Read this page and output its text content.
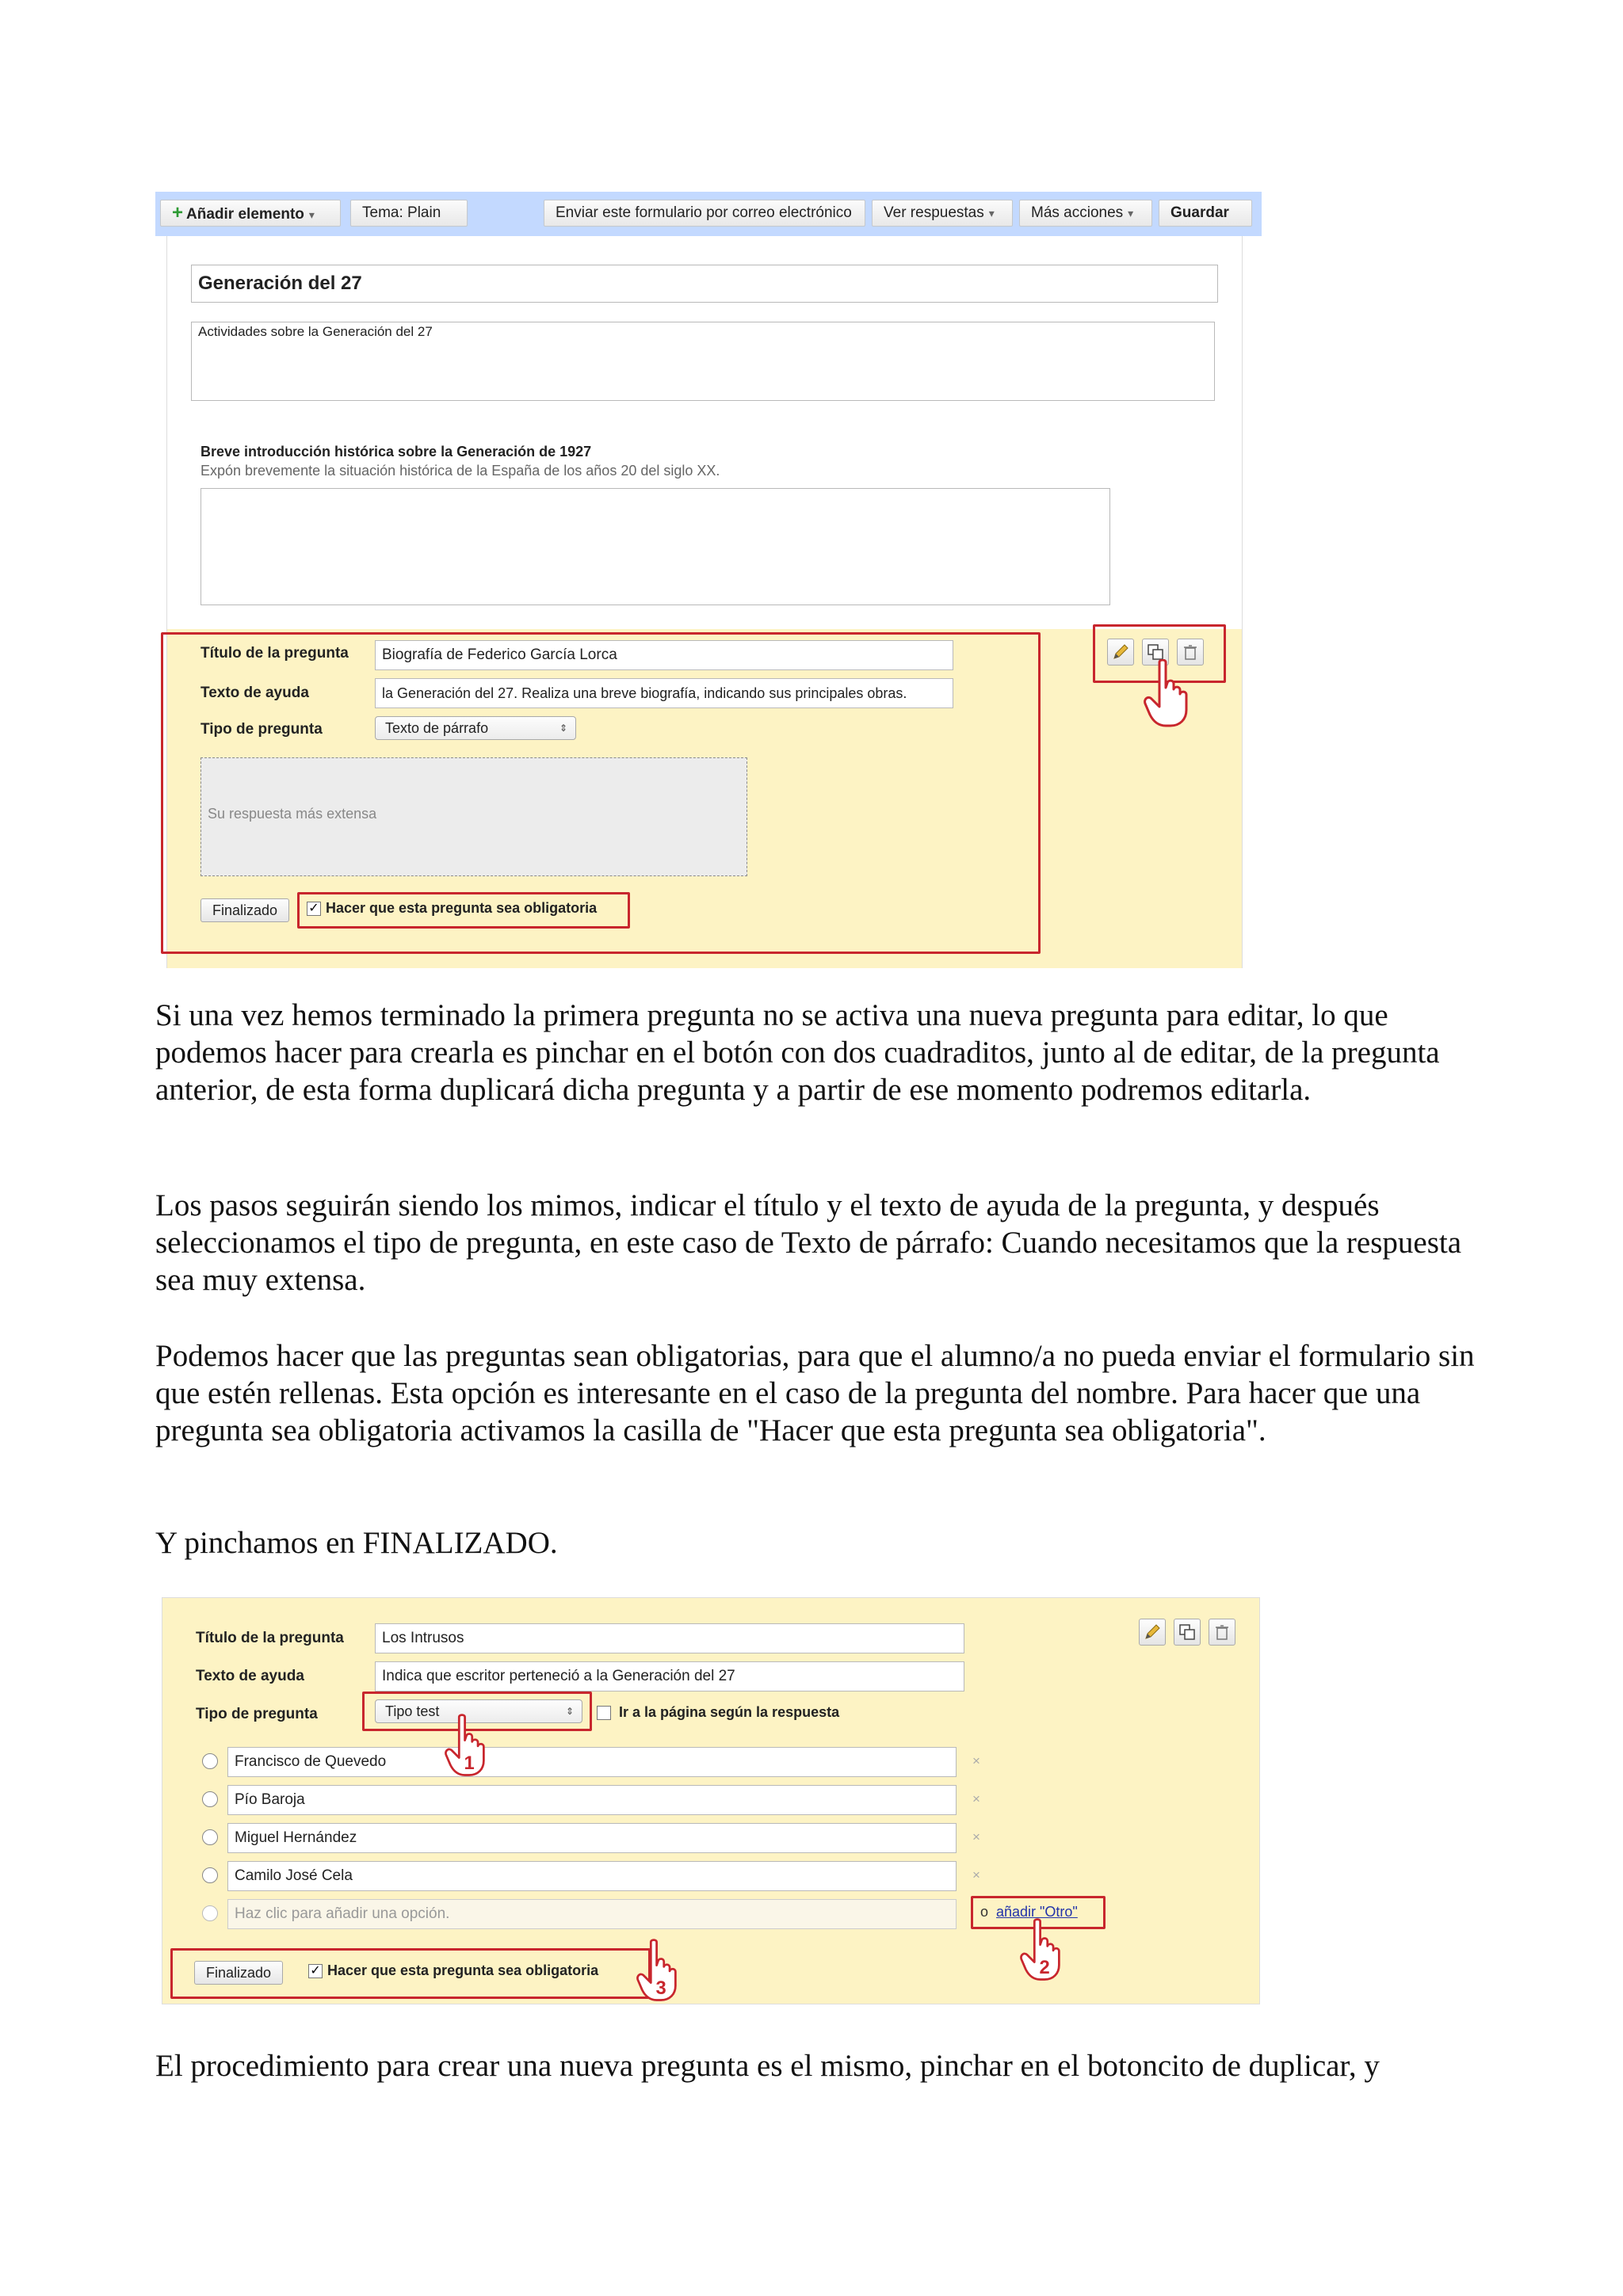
+ Añadir elemento ▾	Tema: Plain	Enviar este formulario por correo electrónico	Ver respuestas ▾	Más acciones ▾	Guardar
Generación del 27
Actividades sobre la Generación del 27
Breve introducción histórica sobre la Generación de 1927
Expón brevemente la situación histórica de la España de los años 20 del siglo XX.
Título de la pregunta	Biografía de Federico García Lorca
Texto de ayuda	la Generación del 27. Realiza una breve biografía, indicando sus principales obras.
Tipo de pregunta	Texto de párrafo	⇕
Su respuesta más extensa
Finalizado	✓ Hacer que esta pregunta sea obligatoria

Si una vez hemos terminado la primera pregunta no se activa una nueva pregunta para editar, lo que podemos hacer para crearla es pinchar en el botón con dos cuadraditos, junto al de editar, de la pregunta anterior, de esta forma duplicará dicha pregunta y a partir de ese momento podremos editarla.

Los pasos seguirán siendo los mimos, indicar el título y el texto de ayuda de la pregunta, y después seleccionamos el tipo de pregunta, en este caso de Texto de párrafo: Cuando necesitamos que la respuesta sea muy extensa.

Podemos hacer que las preguntas sean obligatorias, para que el alumno/a no pueda enviar el formulario sin que estén rellenas. Esta opción es interesante en el caso de la pregunta del nombre. Para hacer que una pregunta sea obligatoria activamos la casilla de "Hacer que esta pregunta sea obligatoria".

Y pinchamos en FINALIZADO.

Título de la pregunta	Los Intrusos
Texto de ayuda	Indica que escritor perteneció a la Generación del 27
Tipo de pregunta	Tipo test	⇕	Ir a la página según la respuesta
Francisco de Quevedo	×
Pío Baroja	×
Miguel Hernández	×
Camilo José Cela	×
Haz clic para añadir una opción.	o añadir "Otro"
Finalizado	✓ Hacer que esta pregunta sea obligatoria
1
2
3

El procedimiento para crear una nueva pregunta es el mismo, pinchar en el botoncito de duplicar, y
